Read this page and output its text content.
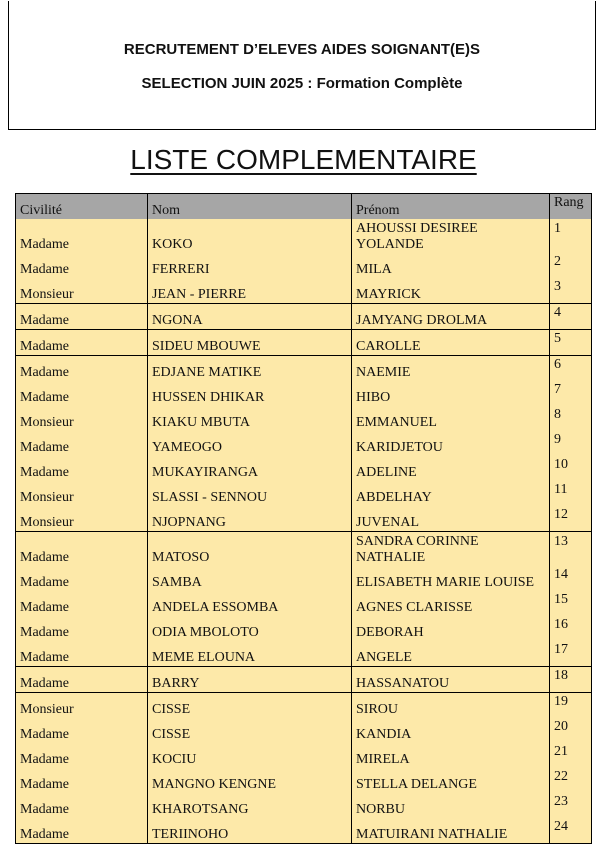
RECRUTEMENT D’ELEVES AIDES SOIGNANT(E)S
SELECTION JUIN 2025 : Formation Complète
LISTE COMPLEMENTAIRE
Civilité	Nom	Prénom	Rang
Madame	KOKO	AHOUSSI DESIREE YOLANDE	1
Madame	FERRERI	MILA	2
Monsieur	JEAN - PIERRE	MAYRICK	3
Madame	NGONA	JAMYANG DROLMA	4
Madame	SIDEU MBOUWE	CAROLLE	5
Madame	EDJANE MATIKE	NAEMIE	6
Madame	HUSSEN DHIKAR	HIBO	7
Monsieur	KIAKU MBUTA	EMMANUEL	8
Madame	YAMEOGO	KARIDJETOU	9
Madame	MUKAYIRANGA	ADELINE	10
Monsieur	SLASSI - SENNOU	ABDELHAY	11
Monsieur	NJOPNANG	JUVENAL	12
Madame	MATOSO	SANDRA CORINNE NATHALIE	13
Madame	SAMBA	ELISABETH MARIE LOUISE	14
Madame	ANDELA ESSOMBA	AGNES CLARISSE	15
Madame	ODIA MBOLOTO	DEBORAH	16
Madame	MEME ELOUNA	ANGELE	17
Madame	BARRY	HASSANATOU	18
Monsieur	CISSE	SIROU	19
Madame	CISSE	KANDIA	20
Madame	KOCIU	MIRELA	21
Madame	MANGNO KENGNE	STELLA DELANGE	22
Madame	KHAROTSANG	NORBU	23
Madame	TERIINOHO	MATUIRANI NATHALIE	24
